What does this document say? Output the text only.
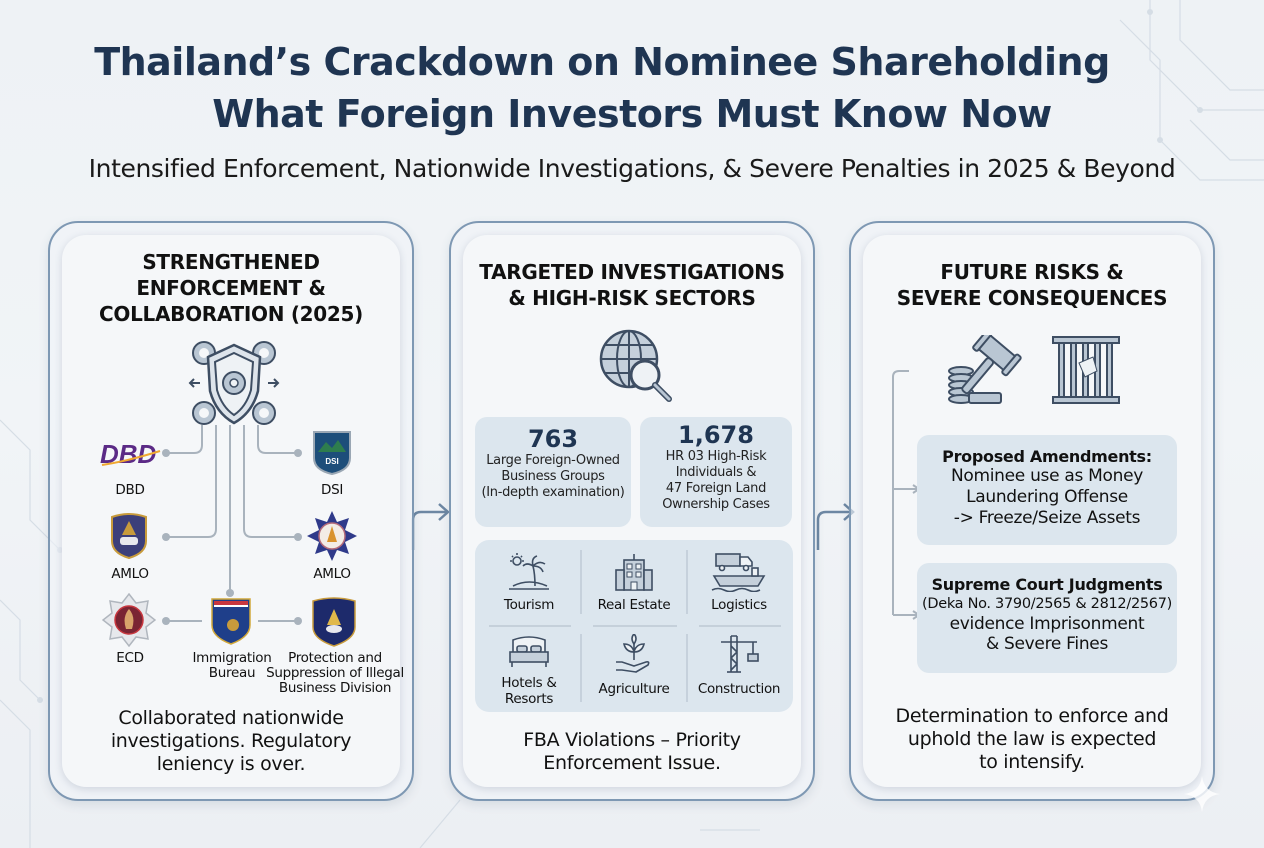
Thailand’s Crackdown on Nominee Shareholding
What Foreign Investors Must Know Now
Intensified Enforcement, Nationwide Investigations, & Severe Penalties in 2025 & Beyond
STRENGTHENED
ENFORCEMENT &
COLLABORATION (2025)
DBD
DBD
DSI
DSI
AMLO	AMLO
ECD	Immigration
Bureau
Protection and
Suppression of Illegal
Business Division
Collaborated nationwide
investigations. Regulatory
leniency is over.
TARGETED INVESTIGATIONS
& HIGH-RISK SECTORS
763
Large Foreign-Owned
Business Groups
(In-depth examination)
1,678
HR 03 High-Risk
Individuals &
47 Foreign Land
Ownership Cases
Tourism	Real Estate	Logistics
Hotels &
Resorts
Agriculture	Construction
FBA Violations – Priority
Enforcement Issue.
FUTURE RISKS &
SEVERE CONSEQUENCES
Proposed Amendments:
Nominee use as Money
Laundering Offense
-> Freeze/Seize Assets
Supreme Court Judgments
(Deka No. 3790/2565 & 2812/2567)
evidence Imprisonment
& Severe Fines
Determination to enforce and
uphold the law is expected
to intensify.
